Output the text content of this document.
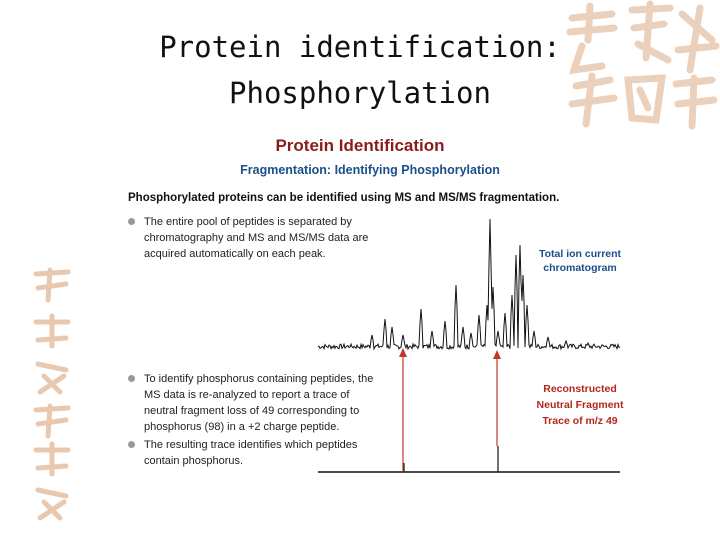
Protein identification:
Phosphorylation
Protein Identification
Fragmentation: Identifying Phosphorylation
Phosphorylated proteins can be identified using MS and MS/MS fragmentation.
The entire pool of peptides is separated by
chromatography and MS and MS/MS data are
acquired automatically on each peak.
To identify phosphorus containing peptides, the
MS data is re-analyzed to report a trace of
neutral fragment loss of 49 corresponding to
phosphorus (98) in a +2 charge peptide.
The resulting trace identifies which peptides
contain phosphorus.
Total ion current
chromatogram
Reconstructed
Neutral Fragment
Trace of m/z 49
